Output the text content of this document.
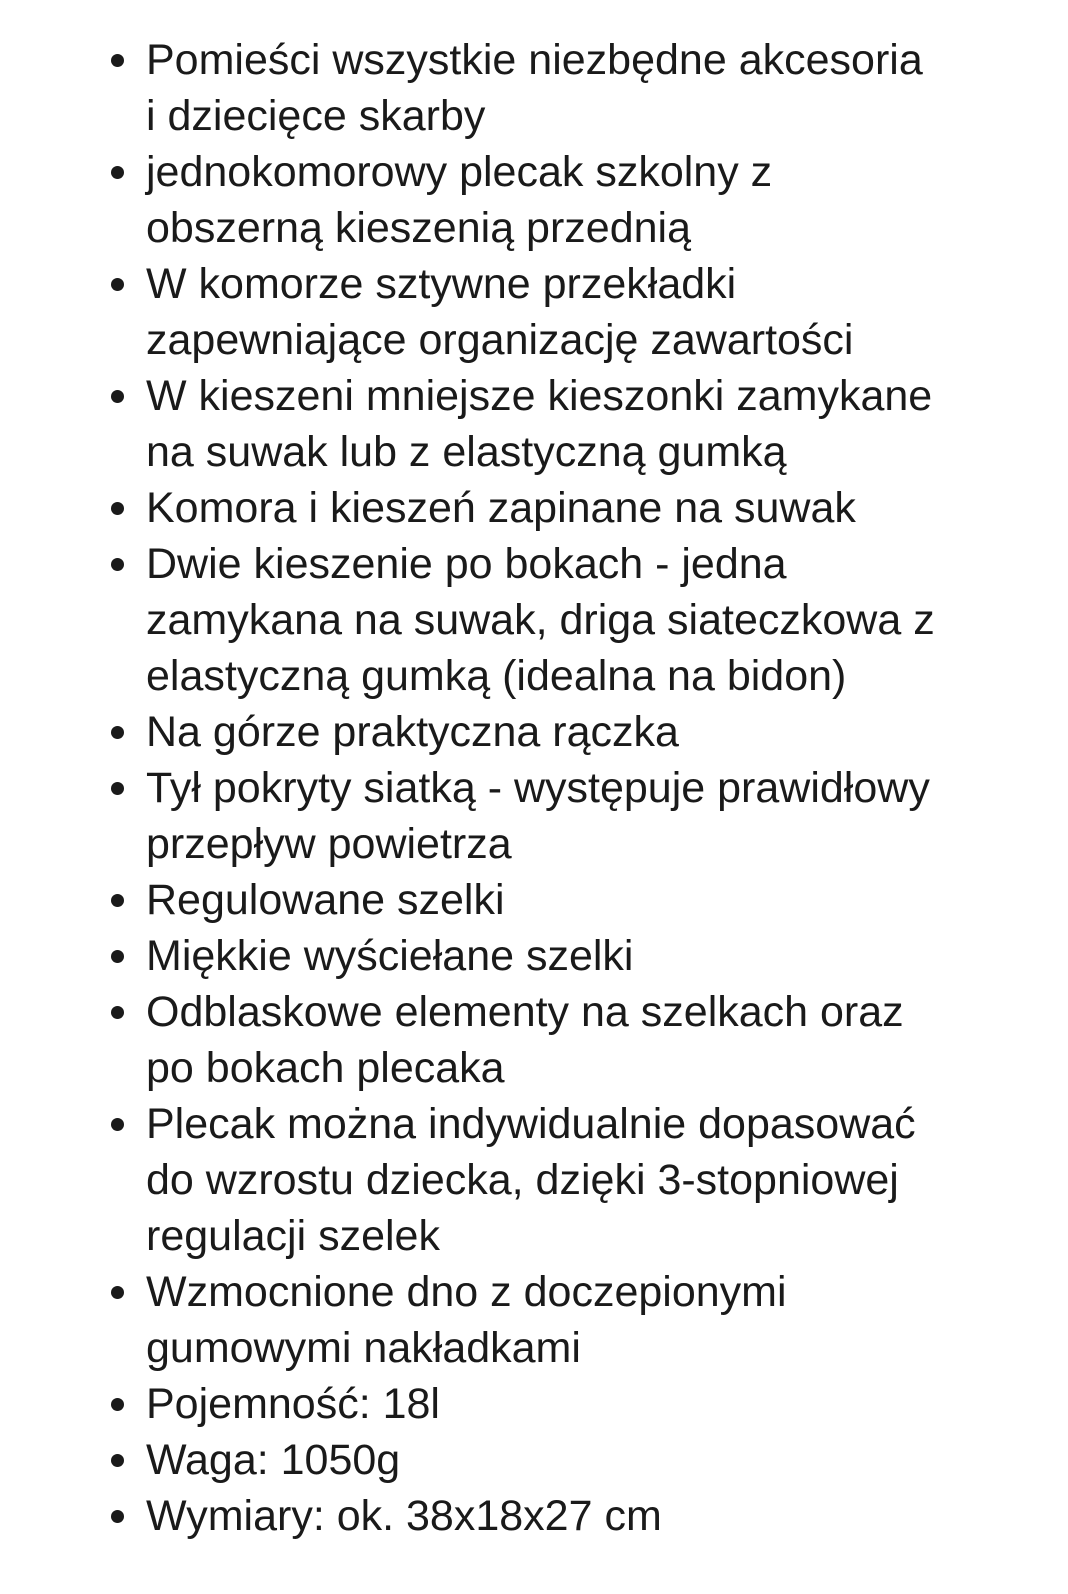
Pomieści wszystkie niezbędne akcesoria
i dziecięce skarby
jednokomorowy plecak szkolny z
obszerną kieszenią przednią
W komorze sztywne przekładki
zapewniające organizację zawartości
W kieszeni mniejsze kieszonki zamykane
na suwak lub z elastyczną gumką
Komora i kieszeń zapinane na suwak
Dwie kieszenie po bokach - jedna
zamykana na suwak, driga siateczkowa z
elastyczną gumką (idealna na bidon)
Na górze praktyczna rączka
Tył pokryty siatką - występuje prawidłowy
przepływ powietrza
Regulowane szelki
Miękkie wyściełane szelki
Odblaskowe elementy na szelkach oraz
po bokach plecaka
Plecak można indywidualnie dopasować
do wzrostu dziecka, dzięki 3-stopniowej
regulacji szelek
Wzmocnione dno z doczepionymi
gumowymi nakładkami
Pojemność: 18l
Waga: 1050g
Wymiary: ok. 38x18x27 cm
